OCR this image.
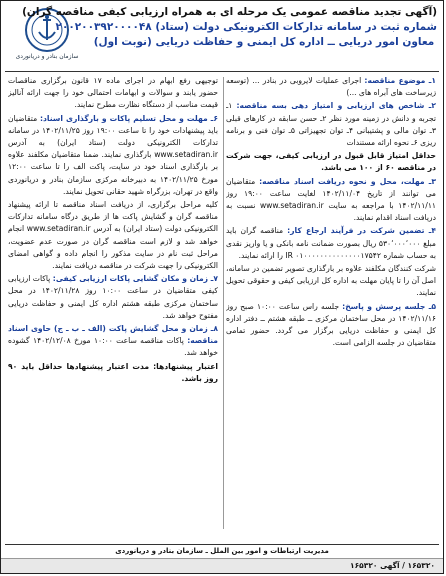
سازمان بنادر و دریانوردی
(آگهی تجدید مناقصه عمومی یک مرحله ای به همراه ارزیابی کیفی مناقصه گران)
شماره ثبت در سامانه تدارکات الکترونیکی دولت (ستاد) ۲۰۰۲۰۰۳۹۲۰۰۰۰۴۸
معاون امور دریایی ــ اداره کل ایمنی و حفاظت دریایی (نوبت اول)

۱ـ موضوع مناقصه: اجرای عملیات لایروبی در بنادر ... (توسعه زیرساخت های آبراه های ...)

۲ـ شاخص های ارزیابی و امتیاز دهی بسه مناقصه: ۱ـ تجربه و دانش در زمینه مورد نظر ۲ـ حسن سابقه در کارهای قبلی ۳ـ توان مالی و پشتیبانی ۴ـ توان تجهیزاتی ۵ـ توان فنی و برنامه ریزی ۶ـ نحوه ارائه مستندات

حداقل امتیاز قابل قبول در ارزیابی کیفی، جهت شرکت در مناقصه ۶۰ از ۱۰۰ می باشد.

۳ـ مهلت، محل و نحوه دریافت اسناد مناقصه: متقاضیان می توانند از تاریخ ۱۴۰۲/۱۱/۰۴ لغایت ساعت ۱۹:۰۰ روز ۱۴۰۲/۱۱/۱۱ با مراجعه به سایت www.setadiran.ir نسبت به دریافت اسناد اقدام نمایند.

۴ـ تضمین شرکت در فرآیند ارجاع کار: مناقصه گران باید مبلغ ۵۳۰٬۰۰۰٬۰۰۰ ریال بصورت ضمانت نامه بانکی و یا واریز نقدی به حساب شماره IR ۰۱۰۰۰۰۰۰۰۰۰۰۰۰۰۰۱۷۵۴۲ را ارائه نمایند.

شرکت کنندگان مکلفند علاوه بر بارگذاری تصویر تضمین در سامانه، اصل آن را تا پایان مهلت به اداره کل ارزیابی کیفی و حقوقی تحویل نمایند.

۵ـ جلسه پرسش و پاسخ: جلسه راس ساعت ۱۰:۰۰ صبح روز ۱۴۰۲/۱۱/۱۶ در محل ساختمان مرکزی ــ طبقه هشتم ــ دفتر اداره کل ایمنی و حفاظت دریایی برگزار می گردد. حضور تمامی متقاضیان در جلسه الزامی است.

توجیهی رفع ابهام در اجرای ماده ۱۷ قانون برگزاری مناقصات حضور یابند و سوالات و ابهامات احتمالی خود را جهت ارائه آنالیز قیمت مناسب از دستگاه نظارت مطرح نمایند.

۶ـ مهلت و محل تسلیم پاکات و بارگذاری اسناد: متقاضیان باید پیشنهادات خود را تا ساعت ۱۹:۰۰ روز ۱۴۰۲/۱۱/۲۵ در سامانه تدارکات الکترونیکی دولت (ستاد ایران) به آدرس www.setadiran.ir بارگذاری نمایند. ضمنا متقاضیان مکلفند علاوه بر بارگذاری اسناد خود در سایت، پاکت الف را تا ساعت ۱۲:۰۰ مورخ ۱۴۰۲/۱۱/۲۵ به دبیرخانه مرکزی سازمان بنادر و دریانوردی واقع در تهران، بزرگراه شهید حقانی تحویل نمایند.

کلیه مراحل برگزاری، از دریافت اسناد مناقصه تا ارائه پیشنهاد مناقصه گران و گشایش پاکت ها از طریق درگاه سامانه تدارکات الکترونیکی دولت (ستاد ایران) به آدرس www.setadiran.ir انجام خواهد شد و لازم است مناقصه گران در صورت عدم عضویت، مراحل ثبت نام در سایت مذکور را انجام داده و گواهی امضای الکترونیکی را جهت شرکت در مناقصه دریافت نمایند.

۷ـ زمان و مکان گشایی پاکات ارزیابی کیفی: پاکات ارزیابی کیفی متقاضیان در ساعت ۱۰:۰۰ روز ۱۴۰۲/۱۱/۲۸ در محل ساختمان مرکزی طبقه هشتم اداره کل ایمنی و حفاظت دریایی مفتوح خواهد شد.

۸ـ زمان و محل گشایش پاکت (الف ـ ب ـ ج) حاوی اسناد مناقصه: پاکات مناقصه ساعت ۱۰:۰۰ مورخ ۱۴۰۲/۱۲/۰۸ گشوده خواهد شد.

اعتبار پیشنهادها: مدت اعتبار پیشنهادها حداقل باید ۹۰ روز باشد.

مدیریت ارتباطات و امور بین الملل ـ سازمان بنادر و دریانوردی
۱۶۵۳۲۰ / آگهی ۱۶۵۳۲۰
